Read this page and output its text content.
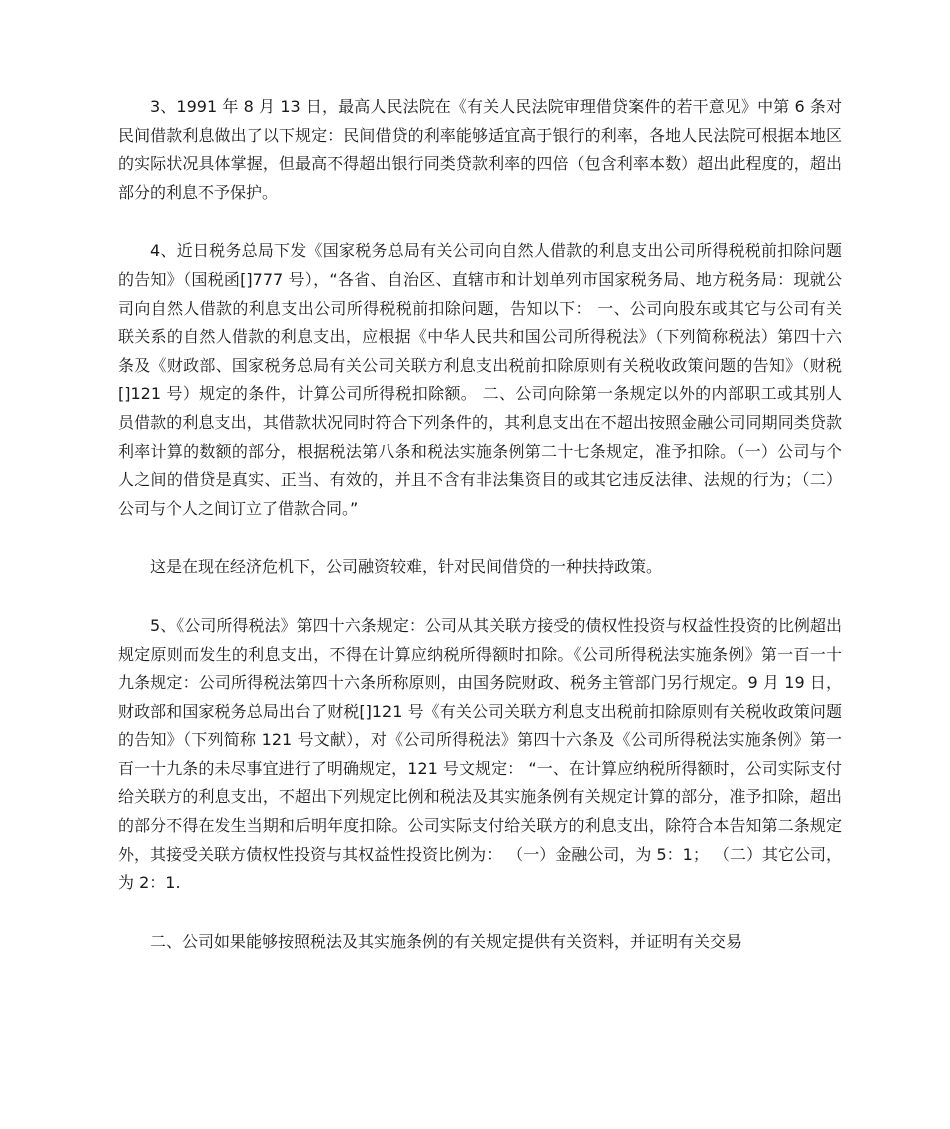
3、1991 年 8 月 13 日，最高人民法院在《有关人民法院审理借贷案件的若干意见》中第 6 条对民间借款利息做出了以下规定：民间借贷的利率能够适宜高于银行的利率，各地人民法院可根据本地区的实际状况具体掌握，但最高不得超出银行同类贷款利率的四倍（包含利率本数）超出此程度的，超出部分的利息不予保护。

4、近日税务总局下发《国家税务总局有关公司向自然人借款的利息支出公司所得税税前扣除问题的告知》（国税函[]777 号），“各省、自治区、直辖市和计划单列市国家税务局、地方税务局：现就公司向自然人借款的利息支出公司所得税税前扣除问题，告知以下： 一、公司向股东或其它与公司有关联关系的自然人借款的利息支出，应根据《中华人民共和国公司所得税法》（下列简称税法）第四十六条及《财政部、国家税务总局有关公司关联方利息支出税前扣除原则有关税收政策问题的告知》（财税[]121 号）规定的条件，计算公司所得税扣除额。 二、公司向除第一条规定以外的内部职工或其别人员借款的利息支出，其借款状况同时符合下列条件的，其利息支出在不超出按照金融公司同期同类贷款利率计算的数额的部分，根据税法第八条和税法实施条例第二十七条规定，准予扣除。（一）公司与个人之间的借贷是真实、正当、有效的，并且不含有非法集资目的或其它违反法律、法规的行为；（二）公司与个人之间订立了借款合同。”

这是在现在经济危机下，公司融资较难，针对民间借贷的一种扶持政策。

5、《公司所得税法》第四十六条规定：公司从其关联方接受的债权性投资与权益性投资的比例超出规定原则而发生的利息支出，不得在计算应纳税所得额时扣除。《公司所得税法实施条例》第一百一十九条规定：公司所得税法第四十六条所称原则，由国务院财政、税务主管部门另行规定。9 月 19 日，财政部和国家税务总局出台了财税[]121 号《有关公司关联方利息支出税前扣除原则有关税收政策问题的告知》（下列简称 121 号文献），对《公司所得税法》第四十六条及《公司所得税法实施条例》第一百一十九条的未尽事宜进行了明确规定，121 号文规定： “一、在计算应纳税所得额时，公司实际支付给关联方的利息支出，不超出下列规定比例和税法及其实施条例有关规定计算的部分，准予扣除，超出的部分不得在发生当期和后明年度扣除。公司实际支付给关联方的利息支出，除符合本告知第二条规定外，其接受关联方债权性投资与其权益性投资比例为： （一）金融公司，为 5：1； （二）其它公司，为 2：1.

二、公司如果能够按照税法及其实施条例的有关规定提供有关资料，并证明有关交易
